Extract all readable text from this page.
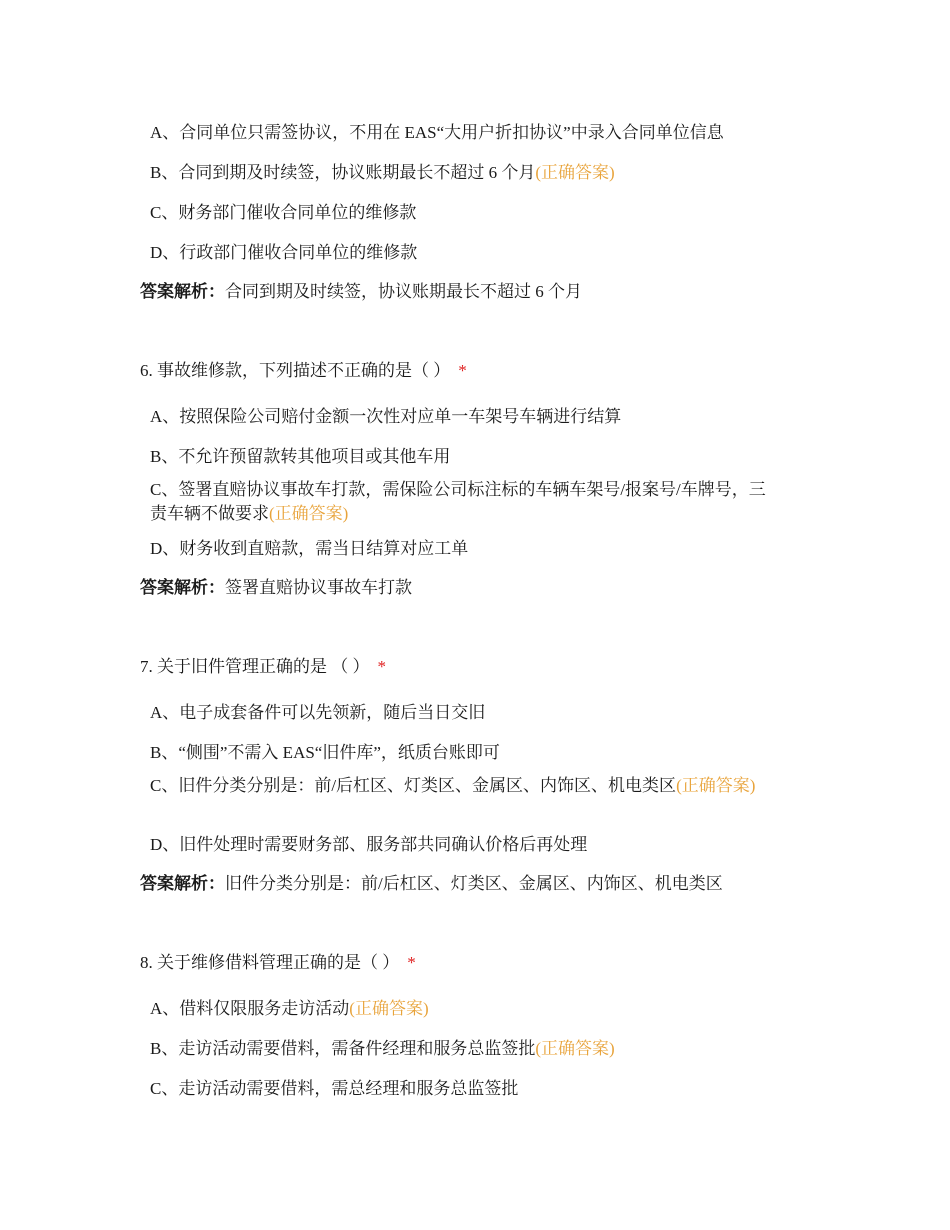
A、合同单位只需签协议，不用在 EAS“大用户折扣协议”中录入合同单位信息

B、合同到期及时续签，协议账期最长不超过 6 个月(正确答案)

C、财务部门催收合同单位的维修款

D、行政部门催收合同单位的维修款

答案解析：合同到期及时续签，协议账期最长不超过 6 个月

6. 事故维修款，下列描述不正确的是（ ） *

A、按照保险公司赔付金额一次性对应单一车架号车辆进行结算

B、不允许预留款转其他项目或其他车用

C、签署直赔协议事故车打款，需保险公司标注标的车辆车架号/报案号/车牌号，三责车辆不做要求(正确答案)

D、财务收到直赔款，需当日结算对应工单

答案解析：签署直赔协议事故车打款

7. 关于旧件管理正确的是 （ ） *

A、电子成套备件可以先领新，随后当日交旧

B、“侧围”不需入 EAS“旧件库”，纸质台账即可

C、旧件分类分别是：前/后杠区、灯类区、金属区、内饰区、机电类区(正确答案)

D、旧件处理时需要财务部、服务部共同确认价格后再处理

答案解析：旧件分类分别是：前/后杠区、灯类区、金属区、内饰区、机电类区

8. 关于维修借料管理正确的是（ ） *

A、借料仅限服务走访活动(正确答案)

B、走访活动需要借料，需备件经理和服务总监签批(正确答案)

C、走访活动需要借料，需总经理和服务总监签批
